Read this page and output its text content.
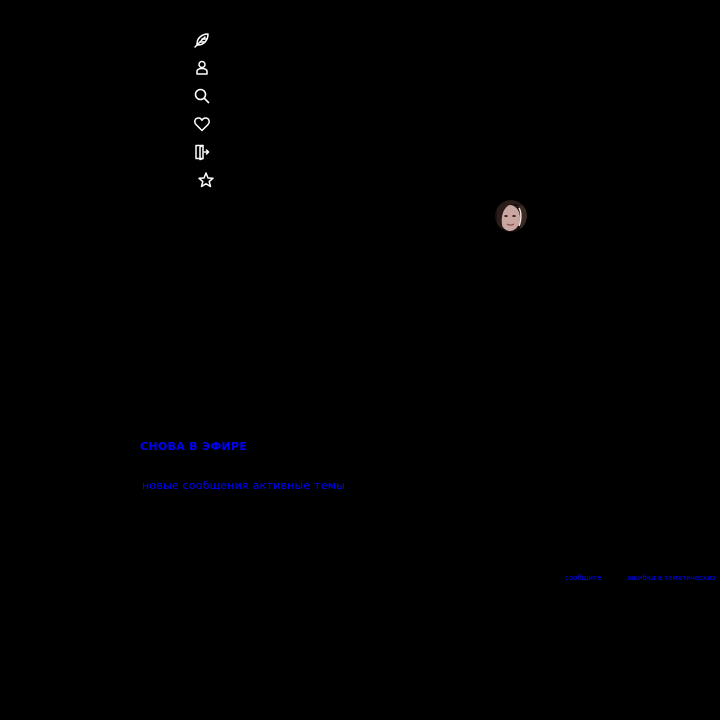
СНОВА В ЭФИРЕ
новые сообщения активные темы
сообщите	ошибки в тематических
